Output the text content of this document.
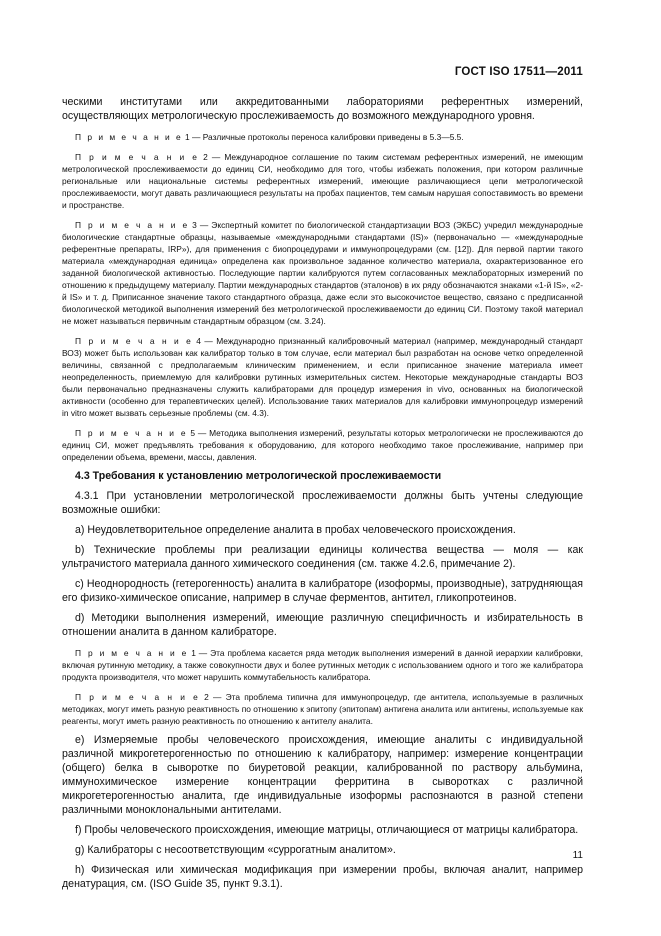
ГОСТ ISO 17511—2011

ческими институтами или аккредитованными лабораториями референтных измерений, осуществляющих метрологическую прослеживаемость до возможного международного уровня.

П р и м е ч а н и е 1 — Различные протоколы переноса калибровки приведены в 5.3—5.5.

П р и м е ч а н и е 2 — Международное соглашение по таким системам референтных измерений, не имеющим метрологической прослеживаемости до единиц СИ, необходимо для того, чтобы избежать положения, при котором различные региональные или национальные системы референтных измерений, имеющие различающиеся цепи метрологической прослеживаемости, могут давать различающиеся результаты на пробах пациентов, тем самым нарушая сопоставимость во времени и пространстве.

П р и м е ч а н и е 3 — Экспертный комитет по биологической стандартизации ВОЗ (ЭКБС) учредил международные биологические стандартные образцы, называемые «международными стандартами (IS)» (первоначально — «международные референтные препараты, IRP»), для применения с биопроцедурами и иммунопроцедурами (см. [12]). Для первой партии такого материала «международная единица» определена как произвольное заданное количество материала, охарактеризованное его заданной биологической активностью. Последующие партии калибруются путем согласованных межлабораторных измерений по отношению к предыдущему материалу. Партии международных стандартов (эталонов) в их ряду обозначаются знаками «1-й IS», «2-й IS» и т. д. Приписанное значение такого стандартного образца, даже если это высокочистое вещество, связано с предписанной биологической методикой выполнения измерений без метрологической прослеживаемости до единиц СИ. Поэтому такой материал не может называться первичным стандартным образцом (см. 3.24).

П р и м е ч а н и е 4 — Международно признанный калибровочный материал (например, международный стандарт ВОЗ) может быть использован как калибратор только в том случае, если материал был разработан на основе четко определенной величины, связанной с предполагаемым клиническим применением, и если приписанное значение материала имеет неопределенность, приемлемую для калибровки рутинных измерительных систем. Некоторые международные стандарты ВОЗ были первоначально предназначены служить калибраторами для процедур измерения in vivo, основанных на биологической активности (особенно для терапевтических целей). Использование таких материалов для калибровки иммунопроцедур измерений in vitro может вызвать серьезные проблемы (см. 4.3).

П р и м е ч а н и е 5 — Методика выполнения измерений, результаты которых метрологически не прослеживаются до единиц СИ, может предъявлять требования к оборудованию, для которого необходимо такое прослеживание, например при определении объема, времени, массы, давления.

4.3 Требования к установлению метрологической прослеживаемости

4.3.1 При установлении метрологической прослеживаемости должны быть учтены следующие возможные ошибки:

а) Неудовлетворительное определение аналита в пробах человеческого происхождения.

b) Технические проблемы при реализации единицы количества вещества — моля — как ультрачистого материала данного химического соединения (см. также 4.2.6, примечание 2).

с) Неоднородность (гетерогенность) аналита в калибраторе (изоформы, производные), затрудняющая его физико-химическое описание, например в случае ферментов, антител, гликопротеинов.

d) Методики выполнения измерений, имеющие различную специфичность и избирательность в отношении аналита в данном калибраторе.

П р и м е ч а н и е 1 — Эта проблема касается ряда методик выполнения измерений в данной иерархии калибровки, включая рутинную методику, а также совокупности двух и более рутинных методик с использованием одного и того же калибратора продукта производителя, что может нарушить коммутабельность калибратора.

П р и м е ч а н и е 2 — Эта проблема типична для иммунопроцедур, где антитела, используемые в различных методиках, могут иметь разную реактивность по отношению к эпитопу (эпитопам) антигена аналита или антигены, используемые как реагенты, могут иметь разную реактивность по отношению к антителу аналита.

е) Измеряемые пробы человеческого происхождения, имеющие аналиты с индивидуальной различной микрогетерогенностью по отношению к калибратору, например: измерение концентрации (общего) белка в сыворотке по биуретовой реакции, калиброванной по раствору альбумина, иммунохимическое измерение концентрации ферритина в сыворотках с различной микрогетерогенностью аналита, где индивидуальные изоформы распознаются в разной степени различными моноклональными антителами.

f) Пробы человеческого происхождения, имеющие матрицы, отличающиеся от матрицы калибратора.

g) Калибраторы с несоответствующим «суррогатным аналитом».

h) Физическая или химическая модификация при измерении пробы, включая аналит, например денатурация, см. (ISO Guide 35, пункт 9.3.1).

11
